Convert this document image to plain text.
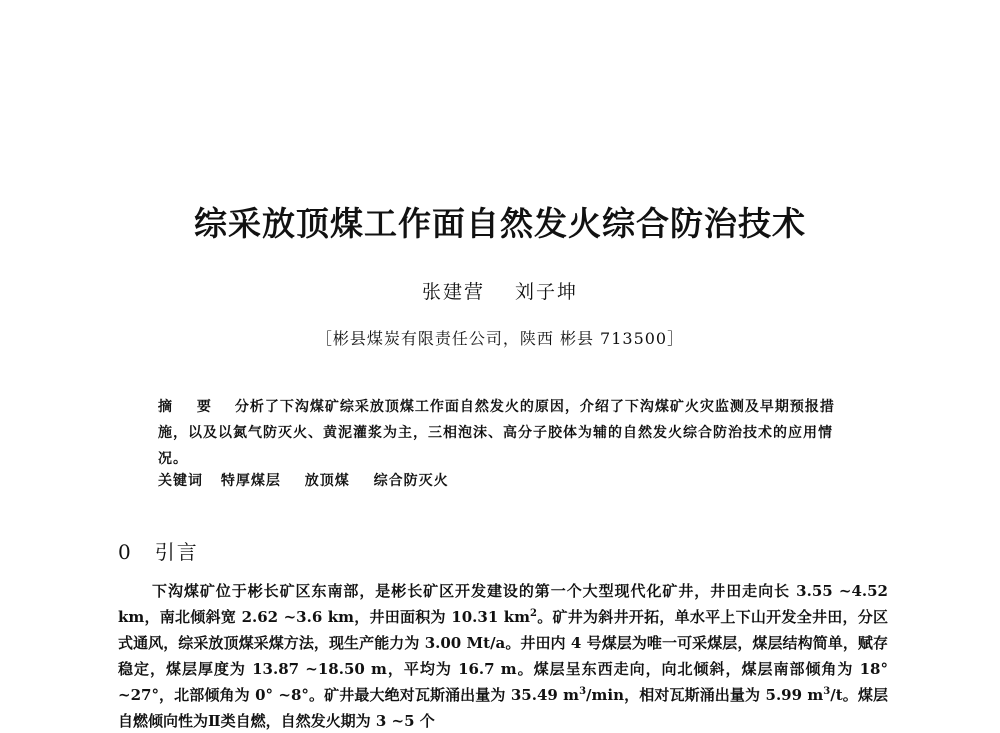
综采放顶煤工作面自然发火综合防治技术
张建营 刘子坤
［彬县煤炭有限责任公司，陕西 彬县 713500］
摘 要 分析了下沟煤矿综采放顶煤工作面自然发火的原因，介绍了下沟煤矿火灾监测及早期预报措施，以及以氮气防灭火、黄泥灌浆为主，三相泡沫、高分子胶体为辅的自然发火综合防治技术的应用情况。
关键词 特厚煤层 放顶煤 综合防灭火
0 引言
下沟煤矿位于彬长矿区东南部，是彬长矿区开发建设的第一个大型现代化矿井，井田走向长 3.55 ~4.52 km，南北倾斜宽 2.62 ~3.6 km，井田面积为 10.31 $km^2$。矿井为斜井开拓，单水平上下山开发全井田，分区式通风，综采放顶煤采煤方法，现生产能力为 3.00 Mt/a。井田内 4 号煤层为唯一可采煤层，煤层结构简单，赋存稳定，煤层厚度为 13.87 ~18.50 m，平均为 16.7 m。煤层呈东西走向，向北倾斜，煤层南部倾角为 18° ~27°，北部倾角为 0° ~8°。矿井最大绝对瓦斯涌出量为 35.49 $m^3/\min$，相对瓦斯涌出量为 5.99 $m^3/t$。煤层自燃倾向性为Ⅱ类自燃，自然发火期为 3 ~5 个
